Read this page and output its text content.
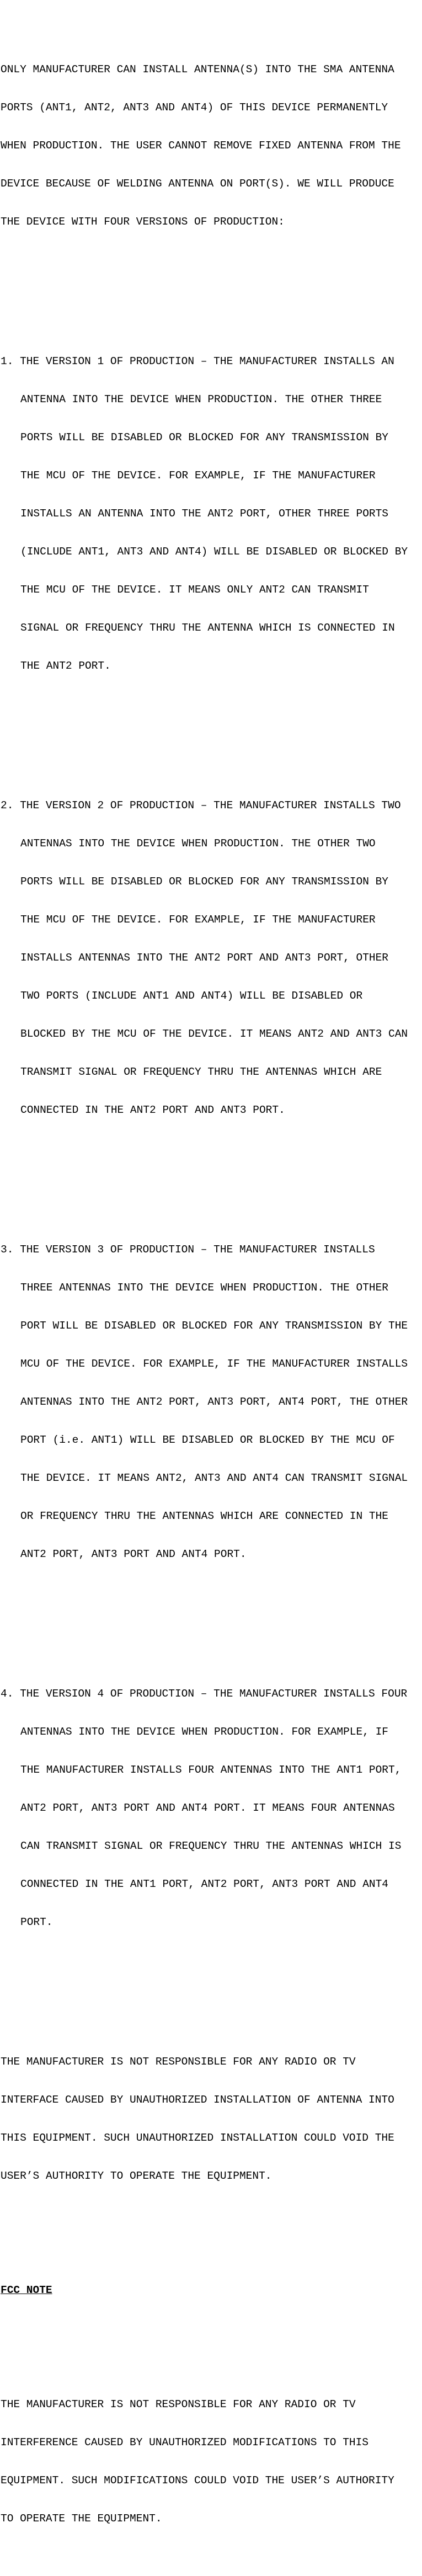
ONLY MANUFACTURER CAN INSTALL ANTENNA(S) INTO THE SMA ANTENNA

PORTS (ANT1, ANT2, ANT3 AND ANT4) OF THIS DEVICE PERMANENTLY

WHEN PRODUCTION. THE USER CANNOT REMOVE FIXED ANTENNA FROM THE

DEVICE BECAUSE OF WELDING ANTENNA ON PORT(S). WE WILL PRODUCE

THE DEVICE WITH FOUR VERSIONS OF PRODUCTION:

1. THE VERSION 1 OF PRODUCTION – THE MANUFACTURER INSTALLS AN

ANTENNA INTO THE DEVICE WHEN PRODUCTION. THE OTHER THREE

PORTS WILL BE DISABLED OR BLOCKED FOR ANY TRANSMISSION BY

THE MCU OF THE DEVICE. FOR EXAMPLE, IF THE MANUFACTURER

INSTALLS AN ANTENNA INTO THE ANT2 PORT, OTHER THREE PORTS

(INCLUDE ANT1, ANT3 AND ANT4) WILL BE DISABLED OR BLOCKED BY

THE MCU OF THE DEVICE. IT MEANS ONLY ANT2 CAN TRANSMIT

SIGNAL OR FREQUENCY THRU THE ANTENNA WHICH IS CONNECTED IN

THE ANT2 PORT.

2. THE VERSION 2 OF PRODUCTION – THE MANUFACTURER INSTALLS TWO

ANTENNAS INTO THE DEVICE WHEN PRODUCTION. THE OTHER TWO

PORTS WILL BE DISABLED OR BLOCKED FOR ANY TRANSMISSION BY

THE MCU OF THE DEVICE. FOR EXAMPLE, IF THE MANUFACTURER

INSTALLS ANTENNAS INTO THE ANT2 PORT AND ANT3 PORT, OTHER

TWO PORTS (INCLUDE ANT1 AND ANT4) WILL BE DISABLED OR

BLOCKED BY THE MCU OF THE DEVICE. IT MEANS ANT2 AND ANT3 CAN

TRANSMIT SIGNAL OR FREQUENCY THRU THE ANTENNAS WHICH ARE

CONNECTED IN THE ANT2 PORT AND ANT3 PORT.

3. THE VERSION 3 OF PRODUCTION – THE MANUFACTURER INSTALLS

THREE ANTENNAS INTO THE DEVICE WHEN PRODUCTION. THE OTHER

PORT WILL BE DISABLED OR BLOCKED FOR ANY TRANSMISSION BY THE

MCU OF THE DEVICE. FOR EXAMPLE, IF THE MANUFACTURER INSTALLS

ANTENNAS INTO THE ANT2 PORT, ANT3 PORT, ANT4 PORT, THE OTHER

PORT (i.e. ANT1) WILL BE DISABLED OR BLOCKED BY THE MCU OF

THE DEVICE. IT MEANS ANT2, ANT3 AND ANT4 CAN TRANSMIT SIGNAL

OR FREQUENCY THRU THE ANTENNAS WHICH ARE CONNECTED IN THE

ANT2 PORT, ANT3 PORT AND ANT4 PORT.

4. THE VERSION 4 OF PRODUCTION – THE MANUFACTURER INSTALLS FOUR

ANTENNAS INTO THE DEVICE WHEN PRODUCTION. FOR EXAMPLE, IF

THE MANUFACTURER INSTALLS FOUR ANTENNAS INTO THE ANT1 PORT,

ANT2 PORT, ANT3 PORT AND ANT4 PORT. IT MEANS FOUR ANTENNAS

CAN TRANSMIT SIGNAL OR FREQUENCY THRU THE ANTENNAS WHICH IS

CONNECTED IN THE ANT1 PORT, ANT2 PORT, ANT3 PORT AND ANT4

PORT.

THE MANUFACTURER IS NOT RESPONSIBLE FOR ANY RADIO OR TV

INTERFACE CAUSED BY UNAUTHORIZED INSTALLATION OF ANTENNA INTO

THIS EQUIPMENT. SUCH UNAUTHORIZED INSTALLATION COULD VOID THE

USER’S AUTHORITY TO OPERATE THE EQUIPMENT.

FCC NOTE

THE MANUFACTURER IS NOT RESPONSIBLE FOR ANY RADIO OR TV

INTERFERENCE CAUSED BY UNAUTHORIZED MODIFICATIONS TO THIS

EQUIPMENT. SUCH MODIFICATIONS COULD VOID THE USER’S AUTHORITY

TO OPERATE THE EQUIPMENT.
